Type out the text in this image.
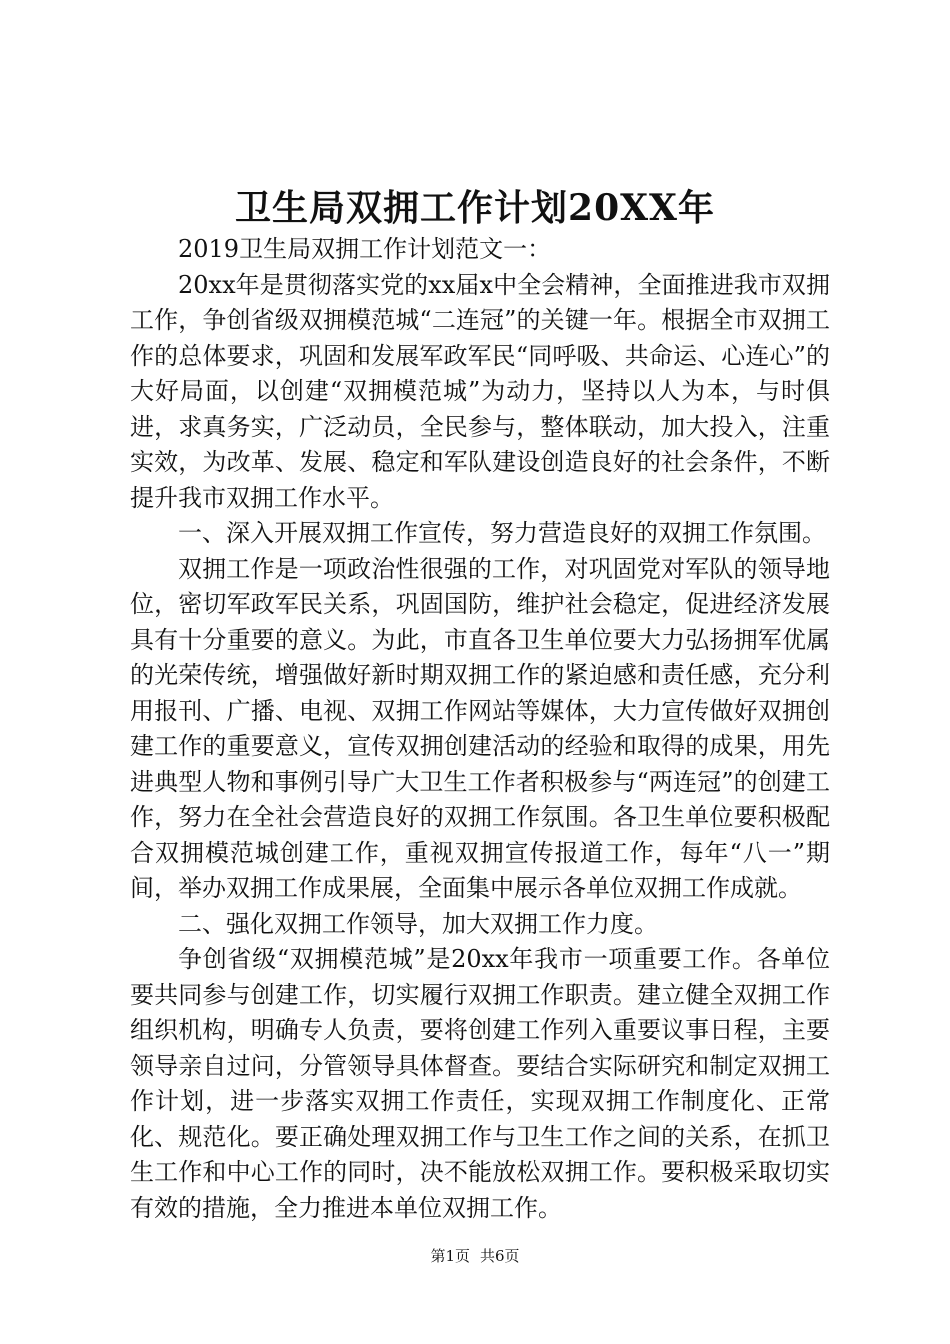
卫生局双拥工作计划20XX年

2019卫生局双拥工作计划范文一：

20xx年是贯彻落实党的xx届x中全会精神，全面推进我市双拥工作，争创省级双拥模范城“二连冠”的关键一年。根据全市双拥工作的总体要求，巩固和发展军政军民“同呼吸、共命运、心连心”的大好局面，以创建“双拥模范城”为动力，坚持以人为本，与时俱进，求真务实，广泛动员，全民参与，整体联动，加大投入，注重实效，为改革、发展、稳定和军队建设创造良好的社会条件，不断提升我市双拥工作水平。

一、深入开展双拥工作宣传，努力营造良好的双拥工作氛围。

双拥工作是一项政治性很强的工作，对巩固党对军队的领导地位，密切军政军民关系，巩固国防，维护社会稳定，促进经济发展具有十分重要的意义。为此，市直各卫生单位要大力弘扬拥军优属的光荣传统，增强做好新时期双拥工作的紧迫感和责任感，充分利用报刊、广播、电视、双拥工作网站等媒体，大力宣传做好双拥创建工作的重要意义，宣传双拥创建活动的经验和取得的成果，用先进典型人物和事例引导广大卫生工作者积极参与“两连冠”的创建工作，努力在全社会营造良好的双拥工作氛围。各卫生单位要积极配合双拥模范城创建工作，重视双拥宣传报道工作，每年“八一”期间，举办双拥工作成果展，全面集中展示各单位双拥工作成就。

二、强化双拥工作领导，加大双拥工作力度。

争创省级“双拥模范城”是20xx年我市一项重要工作。各单位要共同参与创建工作，切实履行双拥工作职责。建立健全双拥工作组织机构，明确专人负责，要将创建工作列入重要议事日程，主要领导亲自过问，分管领导具体督查。要结合实际研究和制定双拥工作计划，进一步落实双拥工作责任，实现双拥工作制度化、正常化、规范化。要正确处理双拥工作与卫生工作之间的关系，在抓卫生工作和中心工作的同时，决不能放松双拥工作。要积极采取切实有效的措施，全力推进本单位双拥工作。

第1页 共6页
